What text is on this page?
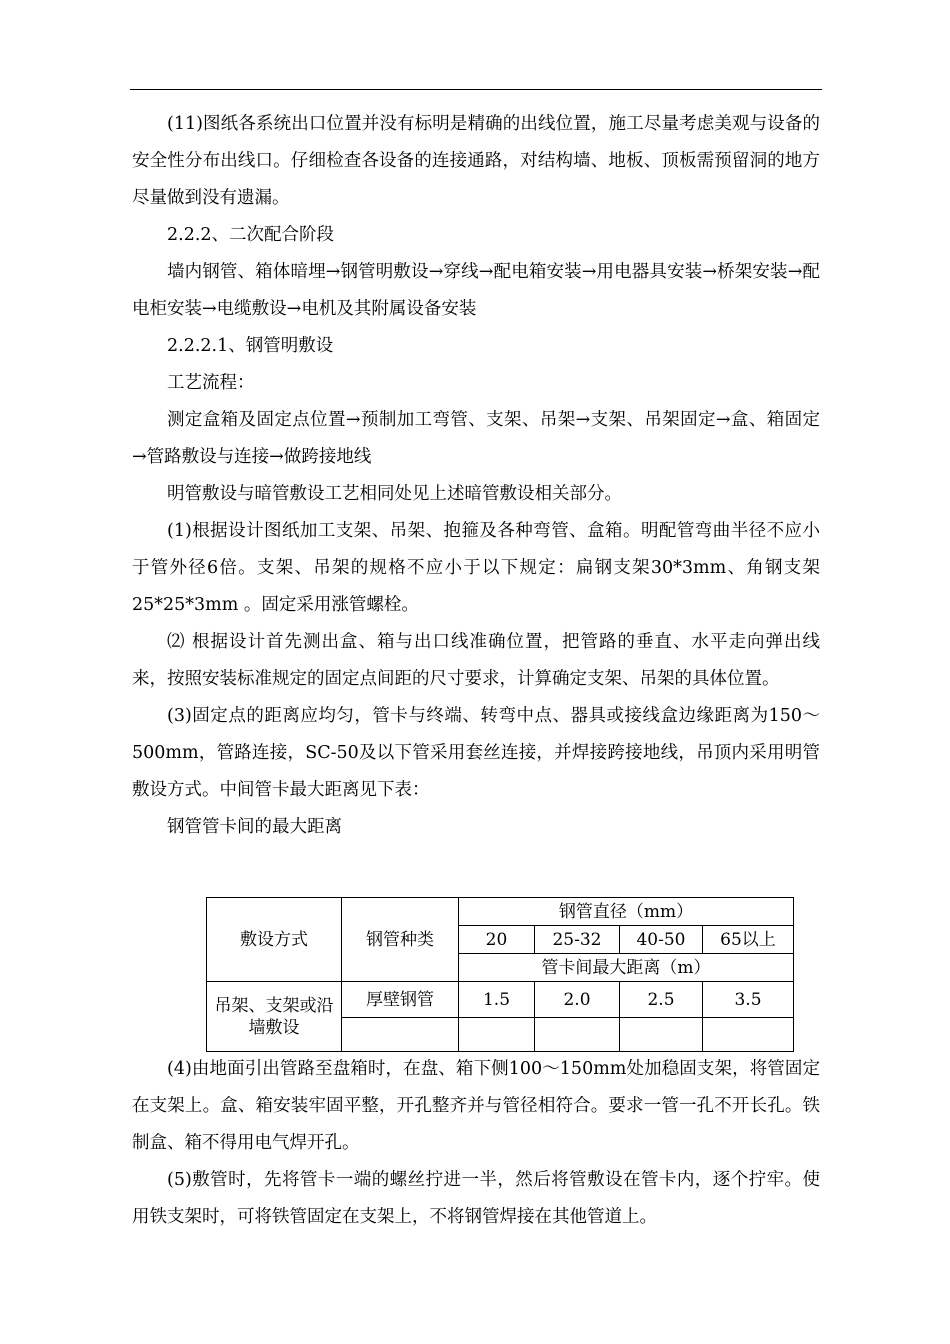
(11)图纸各系统出口位置并没有标明是精确的出线位置，施工尽量考虑美观与设备的安全性分布出线口。仔细检查各设备的连接通路，对结构墙、地板、顶板需预留洞的地方尽量做到没有遗漏。

2.2.2、二次配合阶段

墙内钢管、箱体暗埋→钢管明敷设→穿线→配电箱安装→用电器具安装→桥架安装→配电柜安装→电缆敷设→电机及其附属设备安装

2.2.2.1、钢管明敷设

工艺流程：

测定盒箱及固定点位置→预制加工弯管、支架、吊架→支架、吊架固定→盒、箱固定→管路敷设与连接→做跨接地线

明管敷设与暗管敷设工艺相同处见上述暗管敷设相关部分。

(1)根据设计图纸加工支架、吊架、抱箍及各种弯管、盒箱。明配管弯曲半径不应小于管外径6倍。支架、吊架的规格不应小于以下规定：扁钢支架30*3mm、角钢支架 25*25*3mm 。固定采用涨管螺栓。

⑵ 根据设计首先测出盒、箱与出口线准确位置，把管路的垂直、水平走向弹出线来，按照安装标准规定的固定点间距的尺寸要求，计算确定支架、吊架的具体位置。

(3)固定点的距离应均匀，管卡与终端、转弯中点、器具或接线盒边缘距离为150～500mm，管路连接，SC-50及以下管采用套丝连接，并焊接跨接地线，吊顶内采用明管敷设方式。中间管卡最大距离见下表：

钢管管卡间的最大距离

敷设方式	钢管种类	钢管直径（mm）			
		20	25-32	40-50	65以上
		管卡间最大距离（m）			
吊架、支架或沿墙敷设	厚壁钢管	1.5	2.0	2.5	3.5

(4)由地面引出管路至盘箱时，在盘、箱下侧100～150mm处加稳固支架，将管固定在支架上。盒、箱安装牢固平整，开孔整齐并与管径相符合。要求一管一孔不开长孔。铁制盒、箱不得用电气焊开孔。

(5)敷管时，先将管卡一端的螺丝拧进一半，然后将管敷设在管卡内，逐个拧牢。使用铁支架时，可将铁管固定在支架上，不将钢管焊接在其他管道上。
